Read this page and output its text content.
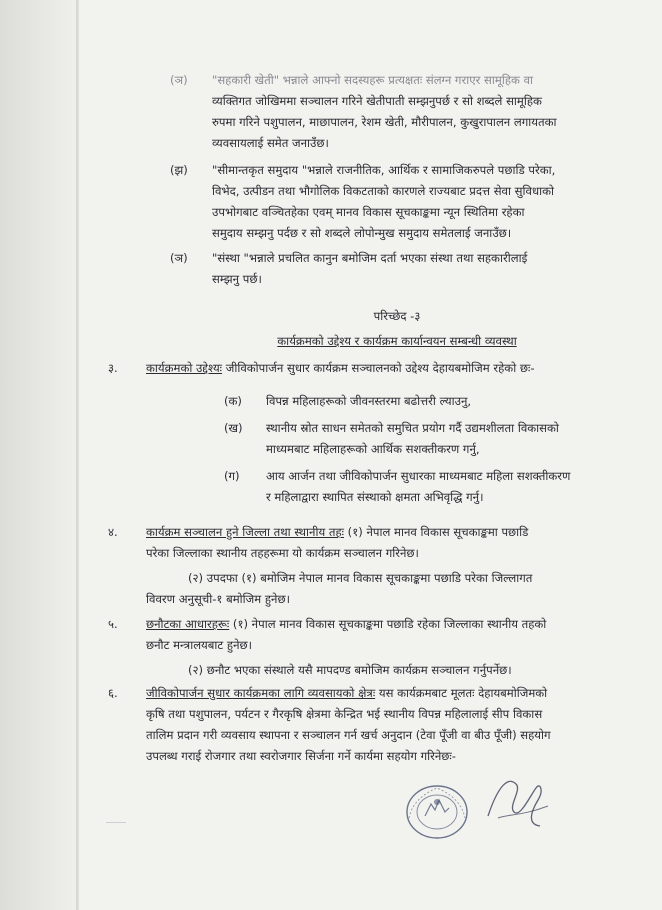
(ञ)	"सहकारी खेती" भन्नाले आफ्नो सदस्यहरू प्रत्यक्षतः संलग्न गराएर सामूहिक वा
व्यक्तिगत जोखिममा सञ्चालन गरिने खेतीपाती सम्झनुपर्छ र सो शब्दले सामूहिक
रुपमा गरिने पशुपालन, माछापालन, रेशम खेती, मौरीपालन, कुखुरापालन लगायतका
व्यवसायलाई समेत जनाउँछ।
(झ)	"सीमान्तकृत समुदाय "भन्नाले राजनीतिक, आर्थिक र सामाजिकरुपले पछाडि परेका,
विभेद, उत्पीडन तथा भौगोलिक विकटताको कारणले राज्यबाट प्रदत्त सेवा सुविधाको
उपभोगबाट वञ्चितहेका एवम् मानव विकास सूचकाङ्कमा न्यून स्थितिमा रहेका
समुदाय सम्झनु पर्दछ र सो शब्दले लोपोन्मुख समुदाय समेतलाई जनाउँछ।
(ञ)	"संस्था "भन्नाले प्रचलित कानुन बमोजिम दर्ता भएका संस्था तथा सहकारीलाई
सम्झनु पर्छ।
परिच्छेद -३
कार्यक्रमको उद्देश्य र कार्यक्रम कार्यान्वयन सम्बन्धी व्यवस्था
३.	कार्यक्रमको उद्देश्यः जीविकोपार्जन सुधार कार्यक्रम सञ्चालनको उद्देश्य देहायबमोजिम रहेको छः-
(क)	विपन्न महिलाहरूको जीवनस्तरमा बढोत्तरी ल्याउनु,
(ख)	स्थानीय स्रोत साधन समेतको समुचित प्रयोग गर्दै उद्यमशीलता विकासको
माध्यमबाट महिलाहरूको आर्थिक सशक्तीकरण गर्नु,
(ग)	आय आर्जन तथा जीविकोपार्जन सुधारका माध्यमबाट महिला सशक्तीकरण
र महिलाद्वारा स्थापित संस्थाको क्षमता अभिवृद्धि गर्नु।
४.	कार्यक्रम सञ्चालन हुने जिल्ला तथा स्थानीय तहः (१) नेपाल मानव विकास सूचकाङ्कमा पछाडि
परेका जिल्लाका स्थानीय तहहरूमा यो कार्यक्रम सञ्चालन गरिनेछ।
(२) उपदफा (१) बमोजिम नेपाल मानव विकास सूचकाङ्कमा पछाडि परेका जिल्लागत
विवरण अनुसूची-१ बमोजिम हुनेछ।
५.	छनौटका आधारहरूः (१) नेपाल मानव विकास सूचकाङ्कमा पछाडि रहेका जिल्लाका स्थानीय तहको
छनौट मन्त्रालयबाट हुनेछ।
(२) छनौट भएका संस्थाले यसै मापदण्ड बमोजिम कार्यक्रम सञ्चालन गर्नुपर्नेछ।
६.	जीविकोपार्जन सुधार कार्यक्रमका लागि व्यवसायको क्षेत्रः यस कार्यक्रमबाट मूलतः देहायबमोजिमको
कृषि तथा पशुपालन, पर्यटन र गैरकृषि क्षेत्रमा केन्द्रित भई स्थानीय विपन्न महिलालाई सीप विकास
तालिम प्रदान गरी व्यवसाय स्थापना र सञ्चालन गर्न खर्च अनुदान (टेवा पूँजी वा बीउ पूँजी) सहयोग
उपलब्ध गराई रोजगार तथा स्वरोजगार सिर्जना गर्ने कार्यमा सहयोग गरिनेछः-
